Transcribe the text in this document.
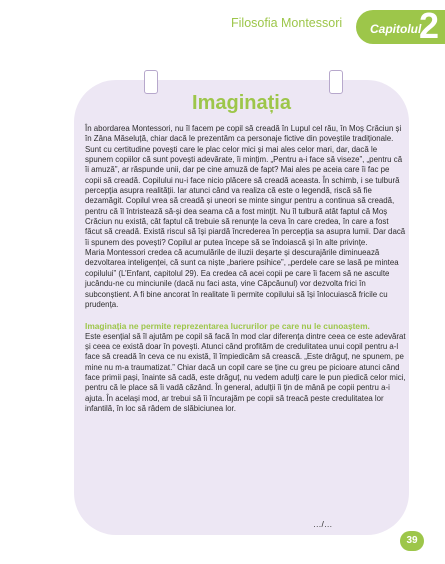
Filosofia Montessori Capitolul
2
Imaginația

În abordarea Montessori, nu îl facem pe copil să creadă în Lupul cel rău, în Moș Crăciun și în Zâna Măseluță, chiar dacă le prezentăm ca personaje fictive din poveștile tradiționale. Sunt cu certitudine povești care le plac celor mici și mai ales celor mari, dar, dacă le spunem copiilor că sunt povești adevărate, îi mințim. „Pentru a-i face să viseze”, „pentru că îi amuză”, ar răspunde unii, dar pe cine amuză de fapt? Mai ales pe aceia care îi fac pe copii să creadă. Copilului nu-i face niciо plăcere să creadă aceasta. În schimb, i se tulbură percepția asupra realității. Iar atunci când va realiza că este o legendă, riscă să fie dezamăgit. Copilul vrea să creadă și uneori se minte singur pentru a continua să creadă, pentru că îl întristează să-și dea seama că a fost mințit. Nu îl tulbură atât faptul că Moș Crăciun nu există, cât faptul că trebuie să renunțe la ceva în care credea, în care a fost făcut să creadă. Există riscul să își piardă încrederea în percepția sa asupra lumii. Dar dacă îi spunem des povești? Copilul ar putea începe să se îndoiască și în alte privințe.

Maria Montessori credea că acumulările de iluzii deșarte și descurajările diminuează dezvoltarea inteligenței, că sunt ca niște „bariere psihice”, „perdele care se lasă pe mintea copilului” (L’Enfant, capitolul 29). Ea credea că acei copii pe care îi facem să ne asculte jucându-ne cu minciunile (dacă nu faci asta, vine Căpcăunul) vor dezvolta frici în subconștient. A fi bine ancorat în realitate îi permite copilului să își înlocuiască fricile cu prudența.

Imaginația ne permite reprezentarea lucrurilor pe care nu le cunoaștem.

Este esențial să îl ajutăm pe copil să facă în mod clar diferența dintre ceea ce este adevărat și ceea ce există doar în povești. Atunci când profităm de credulitatea unui copil pentru a-l face să creadă în ceva ce nu există, îl împiedicăm să crească. „Este drăguț, ne spunem, pe mine nu m-a traumatizat.” Chiar dacă un copil care se ține cu greu pe picioare atunci când face primii pași, înainte să cadă, este drăguț, nu vedem adulți care le pun piedică celor mici, pentru că le place să îi vadă căzând. În general, adulții îi țin de mână pe copii pentru a-i ajuta. În același mod, ar trebui să îi încurajăm pe copii să treacă peste credulitatea lor infantilă, în loc să râdem de slăbiciunea lor.

…/…
39
